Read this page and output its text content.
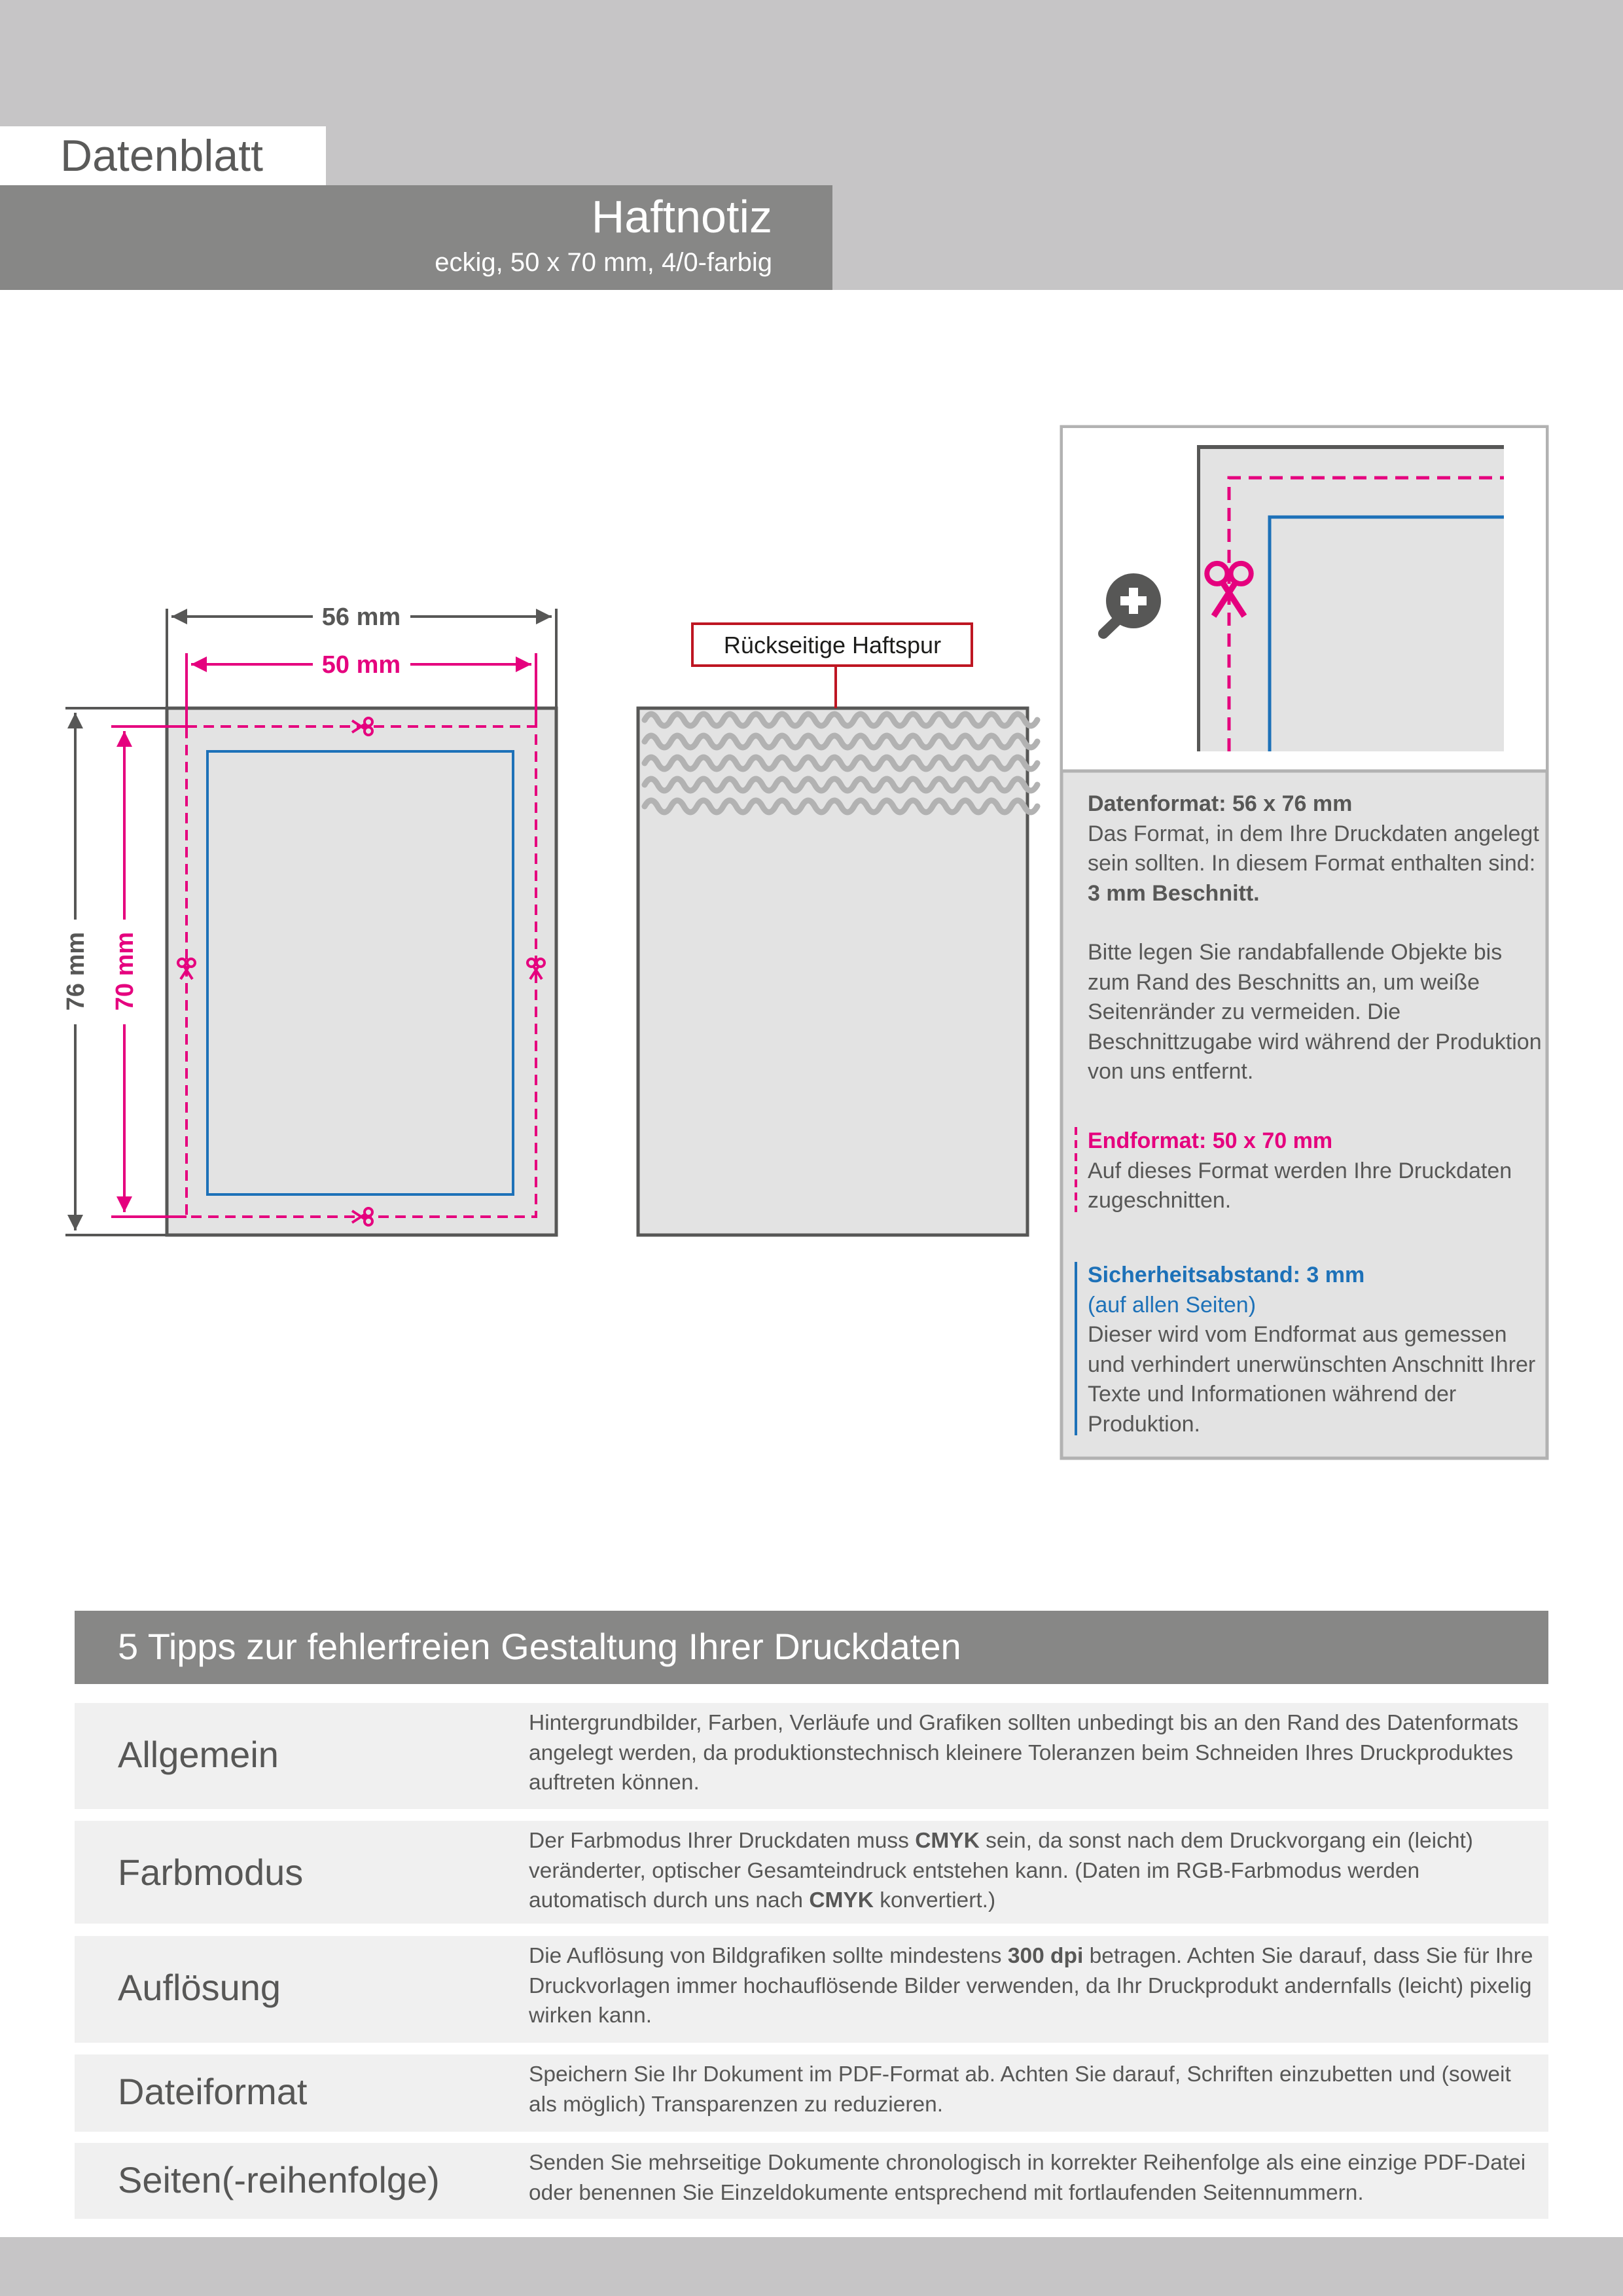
Datenblatt
Haftnotiz
eckig, 50 x 70 mm, 4/0-farbig
56 mm
50 mm
76 mm 70 mm
Rückseitige Haftspur

Datenformat: 56 x 76 mm

Das Format, in dem Ihre Druckdaten angelegt sein sollten. In diesem Format enthalten sind: 3 mm Beschnitt.

Bitte legen Sie randabfallende Objekte bis zum Rand des Beschnitts an, um weiße Seitenränder zu vermeiden. Die Beschnittzugabe wird während der Produktion von uns entfernt.

Endformat: 50 x 70 mm

Auf dieses Format werden Ihre Druckdaten zugeschnitten.

Sicherheitsabstand: 3 mm

(auf allen Seiten)

Dieser wird vom Endformat aus gemessen und verhindert unerwünschten Anschnitt Ihrer Texte und Informationen während der Produktion.

5 Tipps zur fehlerfreien Gestaltung Ihrer Druckdaten
Allgemein
Hintergrundbilder, Farben, Verläufe und Grafiken sollten unbedingt bis an den Rand des Datenformats angelegt werden, da produktionstechnisch kleinere Toleranzen beim Schneiden Ihres Druckproduktes auftreten können.
Farbmodus
Der Farbmodus Ihrer Druckdaten muss CMYK sein, da sonst nach dem Druckvorgang ein (leicht) veränderter, optischer Gesamteindruck entstehen kann. (Daten im RGB-Farbmodus werden automatisch durch uns nach CMYK konvertiert.)
Auflösung
Die Auflösung von Bildgrafiken sollte mindestens 300 dpi betragen. Achten Sie darauf, dass Sie für Ihre Druckvorlagen immer hochauflösende Bilder verwenden, da Ihr Druckprodukt andernfalls (leicht) pixelig wirken kann.
Dateiformat	Speichern Sie Ihr Dokument im PDF-Format ab. Achten Sie darauf, Schriften einzubetten und (soweit als möglich) Transparenzen zu reduzieren.
Seiten(-reihenfolge)	Senden Sie mehrseitige Dokumente chronologisch in korrekter Reihenfolge als eine einzige PDF-Datei oder benennen Sie Einzeldokumente entsprechend mit fortlaufenden Seitennummern.
